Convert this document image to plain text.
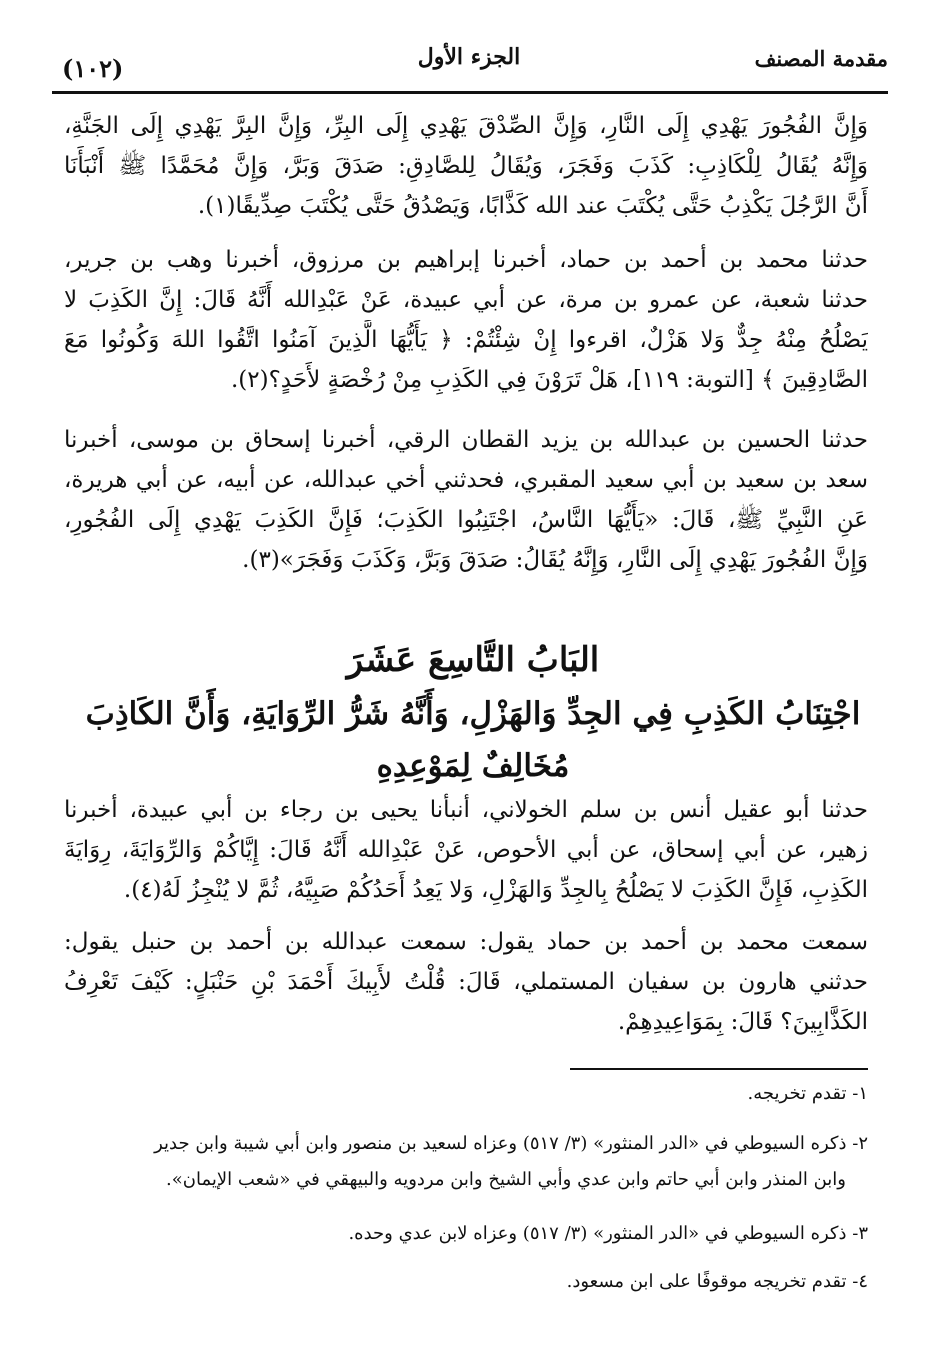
مقدمة المصنف
الجزء الأول
(١٠٢)
وَإِنَّ الفُجُورَ يَهْدِي إِلَى النَّارِ، وَإِنَّ الصِّدْقَ يَهْدِي إِلَى البِرِّ، وَإِنَّ البِرَّ يَهْدِي إِلَى الجَنَّةِ،
وَإِنَّهُ يُقَالُ لِلْكَاذِبِ: كَذَبَ وَفَجَرَ، وَيُقَالُ لِلصَّادِقِ: صَدَقَ وَبَرَّ، وَإِنَّ مُحَمَّدًا ﷺ أَنْبَأَنَا
أَنَّ الرَّجُلَ يَكْذِبُ حَتَّى يُكْتَبَ عند الله كَذَّابًا، وَيَصْدُقُ حَتَّى يُكْتَبَ صِدِّيقًا(١).
حدثنا محمد بن أحمد بن حماد، أخبرنا إبراهيم بن مرزوق، أخبرنا وهب بن جرير،
حدثنا شعبة، عن عمرو بن مرة، عن أبي عبيدة، عَنْ عَبْدِالله أَنَّهُ قَالَ: إِنَّ الكَذِبَ لا
يَصْلُحُ مِنْهُ جِدٌّ وَلا هَزْلٌ، اقرءوا إِنْ شِئْتُمْ: ﴿ يَأَيُّهَا الَّذِينَ آمَنُوا اتَّقُوا اللهَ وَكُونُوا مَعَ
الصَّادِقِينَ ﴾ [التوبة: ١١٩]، هَلْ تَرَوْنَ فِي الكَذِبِ مِنْ رُخْصَةٍ لأَحَدٍ؟(٢).
حدثنا الحسين بن عبدالله بن يزيد القطان الرقي، أخبرنا إسحاق بن موسى، أخبرنا
سعد بن سعيد بن أبي سعيد المقبري، فحدثني أخي عبدالله، عن أبيه، عن أبي هريرة،
عَنِ النَّبِيِّ ﷺ، قَالَ: «يَأَيُّهَا النَّاسُ، اجْتَنِبُوا الكَذِبَ؛ فَإِنَّ الكَذِبَ يَهْدِي إِلَى الفُجُورِ،
وَإِنَّ الفُجُورَ يَهْدِي إِلَى النَّارِ، وَإِنَّهُ يُقَالُ: صَدَقَ وَبَرَّ، وَكَذَبَ وَفَجَرَ»(٣).
البَابُ التَّاسِعَ عَشَرَ
اجْتِنَابُ الكَذِبِ فِي الجِدِّ وَالهَزْلِ، وَأَنَّهُ شَرُّ الرِّوَايَةِ، وَأَنَّ الكَاذِبَ
مُخَالِفٌ لِمَوْعِدِهِ
حدثنا أبو عقيل أنس بن سلم الخولاني، أنبأنا يحيى بن رجاء بن أبي عبيدة، أخبرنا
زهير، عن أبي إسحاق، عن أبي الأحوص، عَنْ عَبْدِالله أَنَّهُ قَالَ: إِيَّاكُمْ وَالرِّوَايَةَ، رِوَايَةَ
الكَذِبِ، فَإِنَّ الكَذِبَ لا يَصْلُحُ بِالجِدِّ وَالهَزْلِ، وَلا يَعِدُ أَحَدُكُمْ صَبِيَّهُ، ثُمَّ لا يُنْجِزُ لَهُ(٤).
سمعت محمد بن أحمد بن حماد يقول: سمعت عبدالله بن أحمد بن حنبل يقول:
حدثني هارون بن سفيان المستملي، قَالَ: قُلْتُ لأَبِيكَ أَحْمَدَ بْنِ حَنْبَلٍ: كَيْفَ تَعْرِفُ
الكَذَّابِينَ؟ قَالَ: بِمَوَاعِيدِهِمْ.
١- تقدم تخريجه.
٢- ذكره السيوطي في «الدر المنثور» (٣/ ٥١٧) وعزاه لسعيد بن منصور وابن أبي شيبة وابن جدير
وابن المنذر وابن أبي حاتم وابن عدي وأبي الشيخ وابن مردويه والبيهقي في «شعب الإيمان».
٣- ذكره السيوطي في «الدر المنثور» (٣/ ٥١٧) وعزاه لابن عدي وحده.
٤- تقدم تخريجه موقوفًا على ابن مسعود.
